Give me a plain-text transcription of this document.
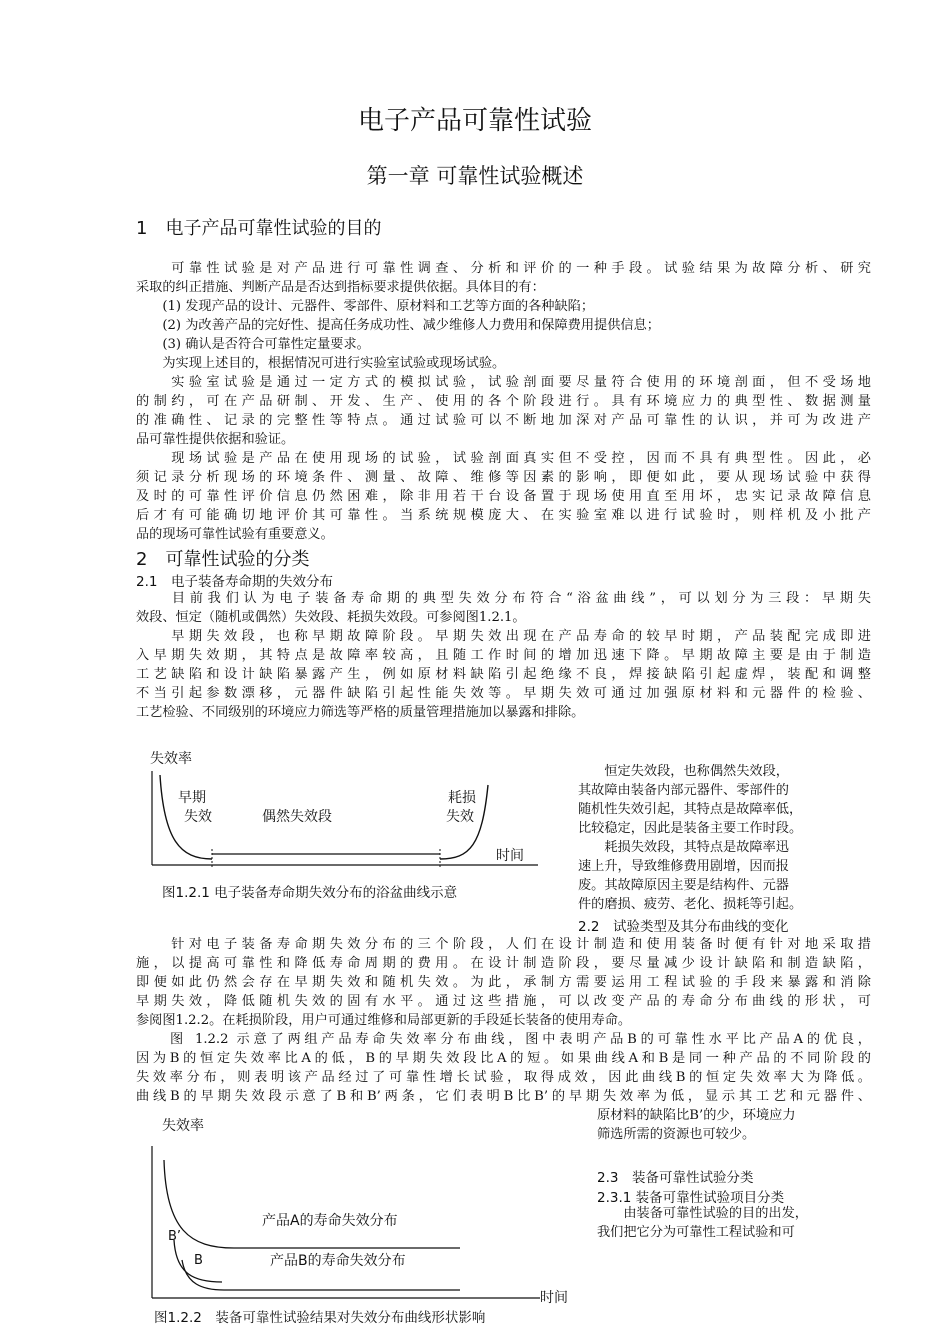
电子产品可靠性试验
第一章 可靠性试验概述
1　电子产品可靠性试验的目的

　　可靠性试验是对产品进行可靠性调查、分析和评价的一种手段。试验结果为故障分析、研究

采取的纠正措施、判断产品是否达到指标要求提供依据。具体目的有：

　　(1) 发现产品的设计、元器件、零部件、原材料和工艺等方面的各种缺陷；

　　(2) 为改善产品的完好性、提高任务成功性、减少维修人力费用和保障费用提供信息；

　　(3) 确认是否符合可靠性定量要求。

　　为实现上述目的，根据情况可进行实验室试验或现场试验。

　　实验室试验是通过一定方式的模拟试验，试验剖面要尽量符合使用的环境剖面，但不受场地

的制约，可在产品研制、开发、生产、使用的各个阶段进行。具有环境应力的典型性、数据测量

的准确性、记录的完整性等特点。通过试验可以不断地加深对产品可靠性的认识，并可为改进产

品可靠性提供依据和验证。

　　现场试验是产品在使用现场的试验，试验剖面真实但不受控，因而不具有典型性。因此，必

须记录分析现场的环境条件、测量、故障、维修等因素的影响，即便如此，要从现场试验中获得

及时的可靠性评价信息仍然困难，除非用若干台设备置于现场使用直至用坏，忠实记录故障信息

后才有可能确切地评价其可靠性。当系统规模庞大、在实验室难以进行试验时，则样机及小批产

品的现场可靠性试验有重要意义。

2　可靠性试验的分类
2.1　电子装备寿命期的失效分布

　　目前我们认为电子装备寿命期的典型失效分布符合“浴盆曲线”，可以划分为三段：早期失

效段、恒定（随机或偶然）失效段、耗损失效段。可参阅图1.2.1。

　　早期失效段，也称早期故障阶段。早期失效出现在产品寿命的较早时期，产品装配完成即进

入早期失效期，其特点是故障率较高，且随工作时间的增加迅速下降。早期故障主要是由于制造

工艺缺陷和设计缺陷暴露产生，例如原材料缺陷引起绝缘不良，焊接缺陷引起虚焊，装配和调整

不当引起参数漂移，元器件缺陷引起性能失效等。早期失效可通过加强原材料和元器件的检验、

工艺检验、不同级别的环境应力筛选等严格的质量管理措施加以暴露和排除。

失效率
早期
失效	偶然失效段
耗损
失效
时间
图1.2.1 电子装备寿命期失效分布的浴盆曲线示意

　　恒定失效段，也称偶然失效段，

其故障由装备内部元器件、零部件的

随机性失效引起，其特点是故障率低，

比较稳定，因此是装备主要工作时段。

　　耗损失效段，其特点是故障率迅

速上升，导致维修费用剧增，因而报

废。其故障原因主要是结构件、元器

件的磨损、疲劳、老化、损耗等引起。

2.2　试验类型及其分布曲线的变化

　　针对电子装备寿命期失效分布的三个阶段，人们在设计制造和使用装备时便有针对地采取措

施，以提高可靠性和降低寿命周期的费用。在设计制造阶段，要尽量减少设计缺陷和制造缺陷，

即便如此仍然会存在早期失效和随机失效。为此，承制方需要运用工程试验的手段来暴露和消除

早期失效，降低随机失效的固有水平。通过这些措施，可以改变产品的寿命分布曲线的形状，可

参阅图1.2.2。在耗损阶段，用户可通过维修和局部更新的手段延长装备的使用寿命。

　　图 1.2.2 示意了两组产品寿命失效率分布曲线，图中表明产品B的可靠性水平比产品A的优良，

因为B的恒定失效率比A的低，B的早期失效段比A的短。如果曲线A和B是同一种产品的不同阶段的

失效率分布，则表明该产品经过了可靠性增长试验，取得成效，因此曲线B的恒定失效率大为降低。

曲线B的早期失效段示意了B和B’两条，它们表明B比B’的早期失效率为低，显示其工艺和元器件、

原材料的缺陷比B’的少，环境应力

筛选所需的资源也可较少。

2.3　装备可靠性试验分类
2.3.1 装备可靠性试验项目分类

　　由装备可靠性试验的目的出发，

我们把它分为可靠性工程试验和可

失效率
产品A的寿命失效分布
产品B的寿命失效分布
B’
B
时间
图1.2.2　装备可靠性试验结果对失效分布曲线形状影响
